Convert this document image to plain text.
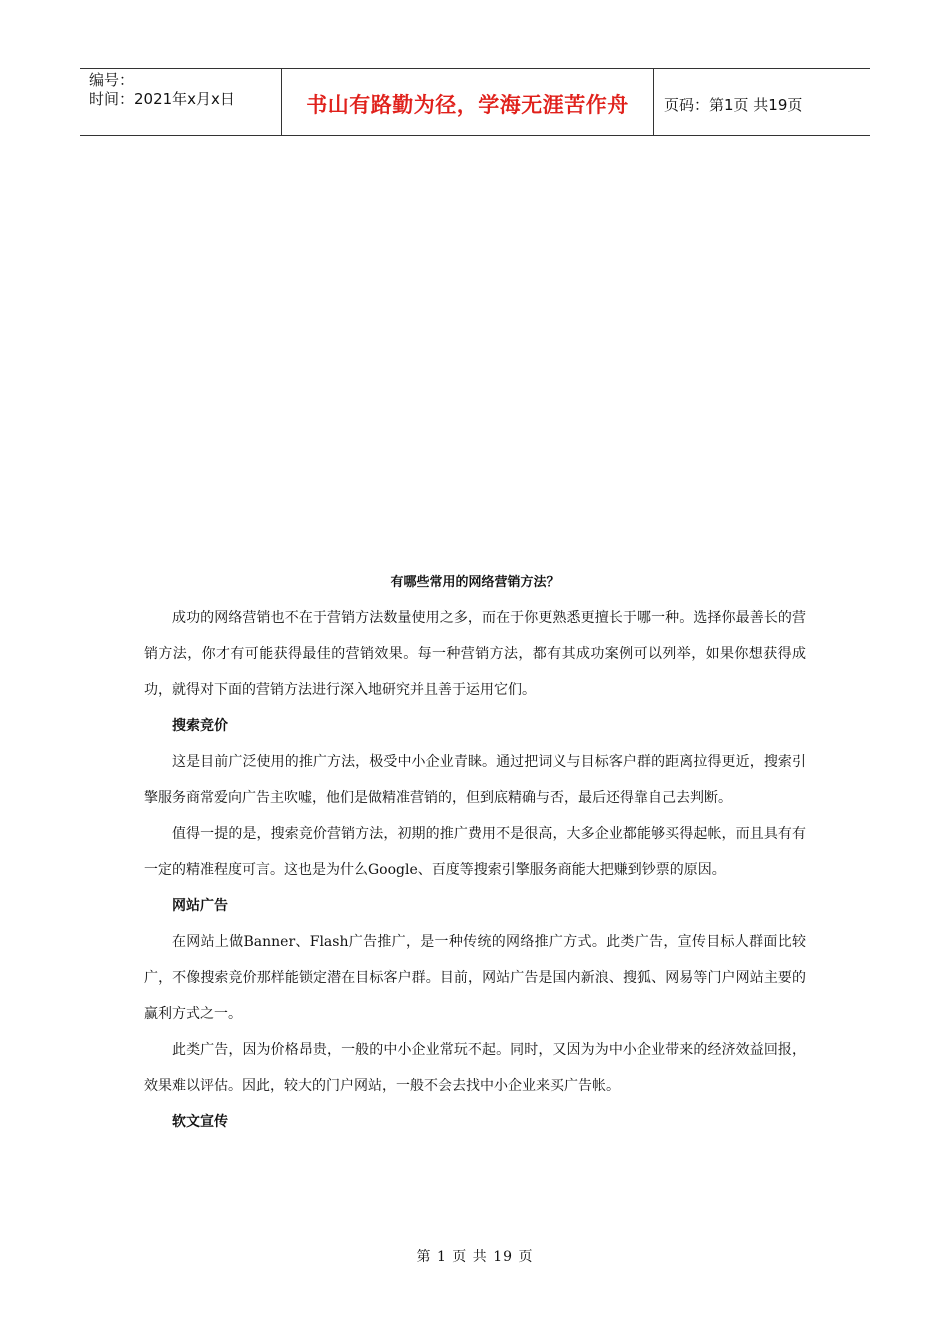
编号：
时间：2021年x月x日	书山有路勤为径，学海无涯苦作舟 页码：第1页 共19页
有哪些常用的网络营销方法？

成功的网络营销也不在于营销方法数量使用之多，而在于你更熟悉更擅长于哪一种。选择你最善长的营销方法，你才有可能获得最佳的营销效果。每一种营销方法，都有其成功案例可以列举，如果你想获得成功，就得对下面的营销方法进行深入地研究并且善于运用它们。

搜索竞价

这是目前广泛使用的推广方法，极受中小企业青睐。通过把词义与目标客户群的距离拉得更近，搜索引擎服务商常爱向广告主吹嘘，他们是做精准营销的，但到底精确与否，最后还得靠自己去判断。

值得一提的是，搜索竞价营销方法，初期的推广费用不是很高，大多企业都能够买得起帐，而且具有有一定的精准程度可言。这也是为什么Google、百度等搜索引擎服务商能大把赚到钞票的原因。

网站广告

在网站上做Banner、Flash广告推广，是一种传统的网络推广方式。此类广告，宣传目标人群面比较广，不像搜索竞价那样能锁定潜在目标客户群。目前，网站广告是国内新浪、搜狐、网易等门户网站主要的赢利方式之一。

此类广告，因为价格昂贵，一般的中小企业常玩不起。同时，又因为为中小企业带来的经济效益回报，效果难以评估。因此，较大的门户网站，一般不会去找中小企业来买广告帐。

软文宣传
第 1 页 共 19 页
